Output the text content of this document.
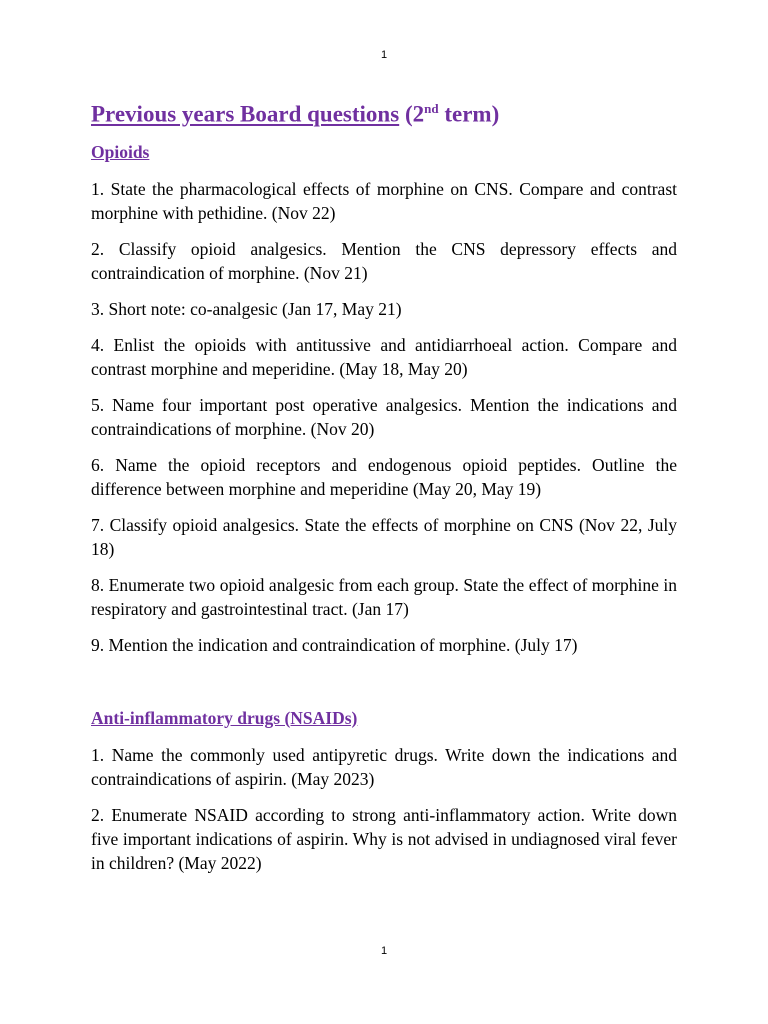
1
Previous years Board questions (2nd term)
Opioids

1. State the pharmacological effects of morphine on CNS. Compare and contrast morphine with pethidine. (Nov 22)

2. Classify opioid analgesics. Mention the CNS depressory effects and contraindication of morphine. (Nov 21)

3. Short note: co-analgesic (Jan 17, May 21)

4. Enlist the opioids with antitussive and antidiarrhoeal action. Compare and contrast morphine and meperidine. (May 18, May 20)

5. Name four important post operative analgesics. Mention the indications and contraindications of morphine. (Nov 20)

6. Name the opioid receptors and endogenous opioid peptides. Outline the difference between morphine and meperidine (May 20, May 19)

7. Classify opioid analgesics. State the effects of morphine on CNS (Nov 22, July 18)

8. Enumerate two opioid analgesic from each group. State the effect of morphine in respiratory and gastrointestinal tract. (Jan 17)

9. Mention the indication and contraindication of morphine. (July 17)

Anti-inflammatory drugs (NSAIDs)

1. Name the commonly used antipyretic drugs. Write down the indications and contraindications of aspirin. (May 2023)

2. Enumerate NSAID according to strong anti-inflammatory action. Write down five important indications of aspirin. Why is not advised in undiagnosed viral fever in children? (May 2022)

1
